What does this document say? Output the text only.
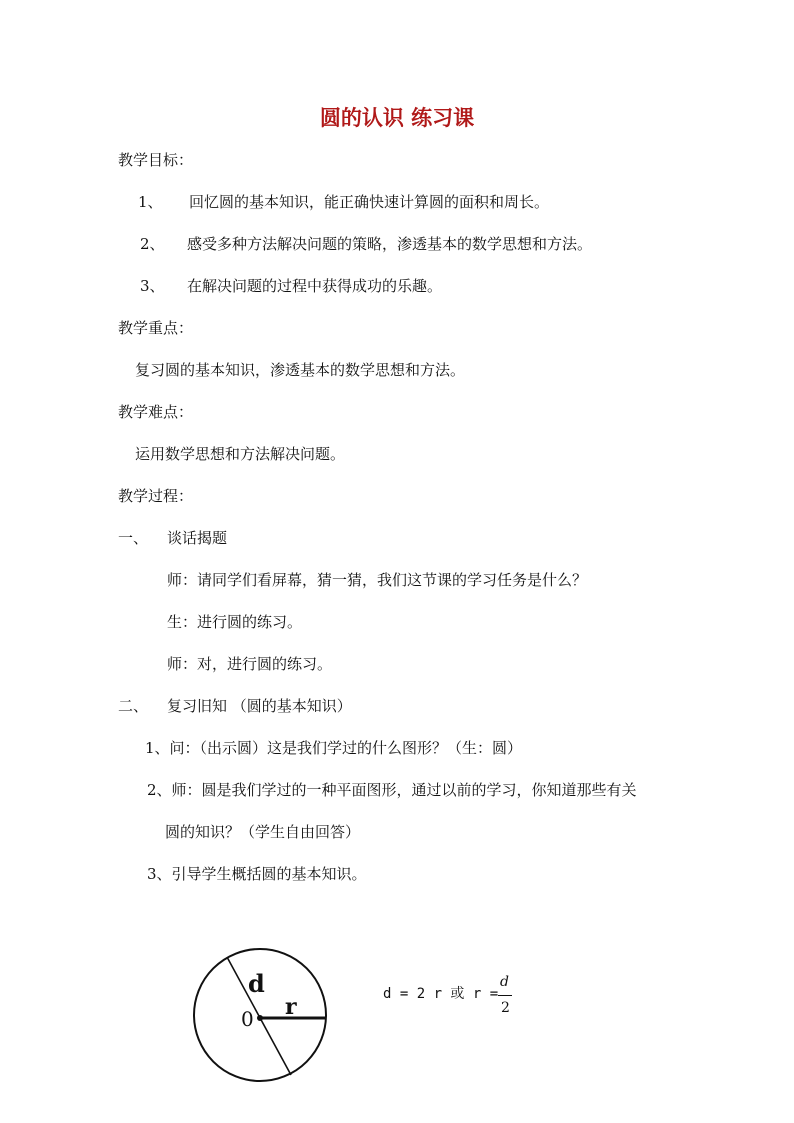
圆的认识 练习课
教学目标：
1、 回忆圆的基本知识，能正确快速计算圆的面积和周长。
2、 感受多种方法解决问题的策略，渗透基本的数学思想和方法。
3、 在解决问题的过程中获得成功的乐趣。
教学重点：
复习圆的基本知识，渗透基本的数学思想和方法。
教学难点：
运用数学思想和方法解决问题。
教学过程：
一、 谈话揭题
师：请同学们看屏幕，猜一猜，我们这节课的学习任务是什么？
生：进行圆的练习。
师：对，进行圆的练习。
二、 复习旧知 （圆的基本知识）
1、问：（出示圆）这是我们学过的什么图形？（生：圆）
2、师：圆是我们学过的一种平面图形，通过以前的学习，你知道那些有关
圆的知识？（学生自由回答）
3、引导学生概括圆的基本知识。
d
r
0
d = 2 r 或 r =
d
2
